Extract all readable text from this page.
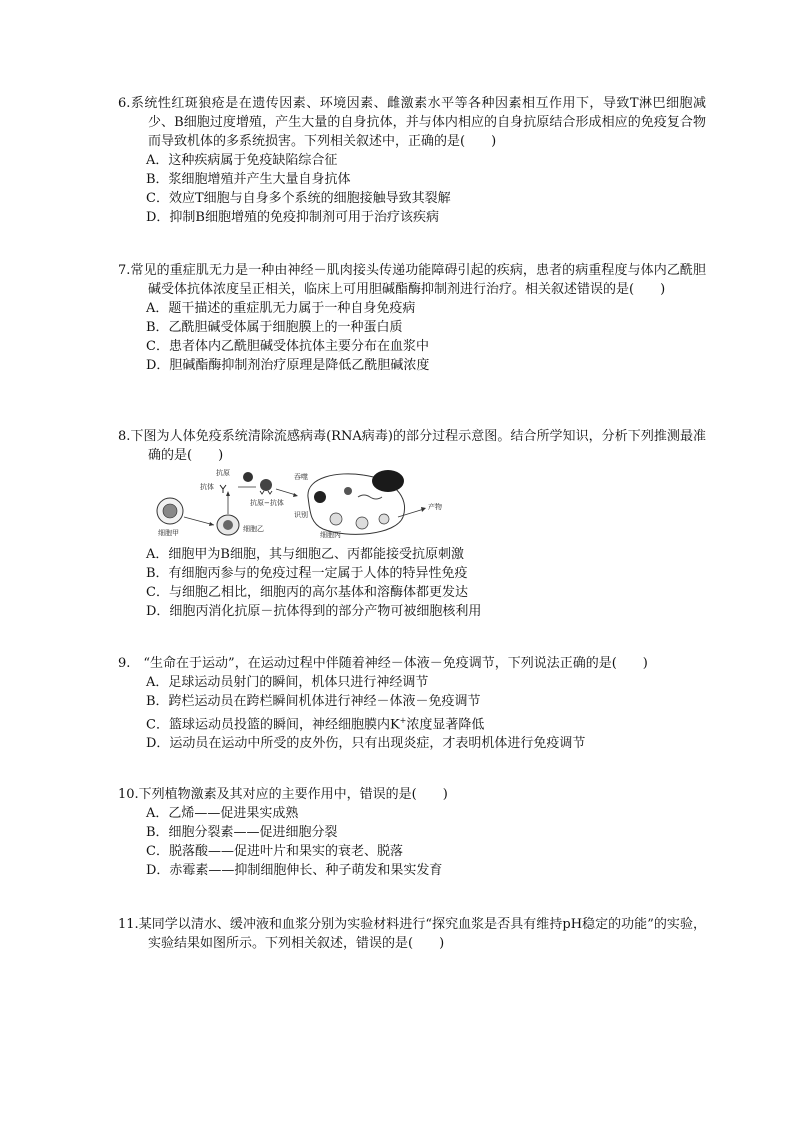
6.系统性红斑狼疮是在遗传因素、环境因素、雌激素水平等各种因素相互作用下，导致T淋巴细胞减少、B细胞过度增殖，产生大量的自身抗体，并与体内相应的自身抗原结合形成相应的免疫复合物而导致机体的多系统损害。下列相关叙述中，正确的是(　　)

A．这种疾病属于免疫缺陷综合征
B．浆细胞增殖并产生大量自身抗体
C．效应T细胞与自身多个系统的细胞接触导致其裂解
D．抑制B细胞增殖的免疫抑制剂可用于治疗该疾病

7.常见的重症肌无力是一种由神经－肌肉接头传递功能障碍引起的疾病，患者的病重程度与体内乙酰胆碱受体抗体浓度呈正相关，临床上可用胆碱酯酶抑制剂进行治疗。相关叙述错误的是(　　)

A．题干描述的重症肌无力属于一种自身免疫病
B．乙酰胆碱受体属于细胞膜上的一种蛋白质
C．患者体内乙酰胆碱受体抗体主要分布在血浆中
D．胆碱酯酶抑制剂治疗原理是降低乙酰胆碱浓度

8.下图为人体免疫系统清除流感病毒(RNA病毒)的部分过程示意图。结合所学知识，分析下列推测最准确的是(　　)

细胞甲	细胞乙
抗体
抗原
抗原−抗体
吞噬
识别
细胞丙
产物
A．细胞甲为B细胞，其与细胞乙、丙都能接受抗原刺激
B．有细胞丙参与的免疫过程一定属于人体的特异性免疫
C．与细胞乙相比，细胞丙的高尔基体和溶酶体都更发达
D．细胞丙消化抗原－抗体得到的部分产物可被细胞核利用

9.　“生命在于运动”，在运动过程中伴随着神经－体液－免疫调节，下列说法正确的是(　　)

A．足球运动员射门的瞬间，机体只进行神经调节
B．跨栏运动员在跨栏瞬间机体进行神经－体液－免疫调节
C．篮球运动员投篮的瞬间，神经细胞膜内K+浓度显著降低
D．运动员在运动中所受的皮外伤，只有出现炎症，才表明机体进行免疫调节

10.下列植物激素及其对应的主要作用中，错误的是(　　)

A．乙烯——促进果实成熟
B．细胞分裂素——促进细胞分裂
C．脱落酸——促进叶片和果实的衰老、脱落
D．赤霉素——抑制细胞伸长、种子萌发和果实发育

11.某同学以清水、缓冲液和血浆分别为实验材料进行“探究血浆是否具有维持pH稳定的功能”的实验，实验结果如图所示。下列相关叙述，错误的是(　　)
